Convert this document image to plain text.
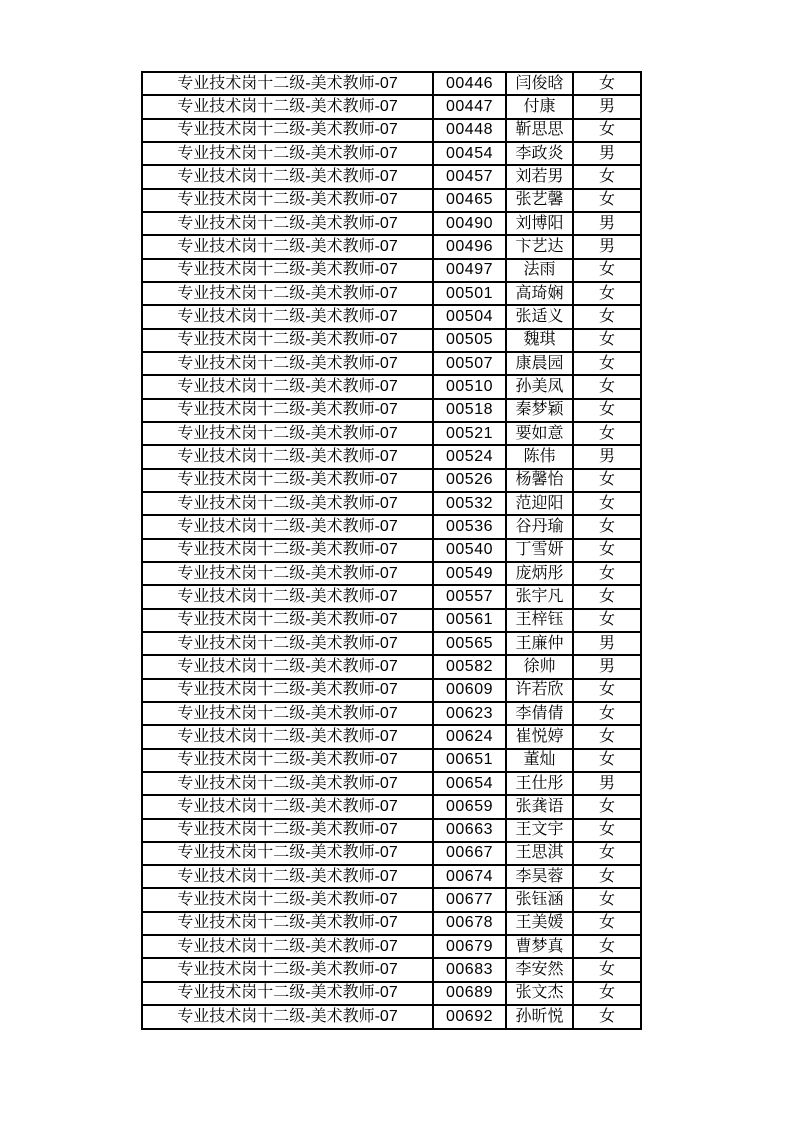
专业技术岗十二级-美术教师-07	00446	闫俊晗	女
专业技术岗十二级-美术教师-07	00447	付康	男
专业技术岗十二级-美术教师-07	00448	靳思思	女
专业技术岗十二级-美术教师-07	00454	李政炎	男
专业技术岗十二级-美术教师-07	00457	刘若男	女
专业技术岗十二级-美术教师-07	00465	张艺馨	女
专业技术岗十二级-美术教师-07	00490	刘博阳	男
专业技术岗十二级-美术教师-07	00496	卞艺达	男
专业技术岗十二级-美术教师-07	00497	法雨	女
专业技术岗十二级-美术教师-07	00501	高琦娴	女
专业技术岗十二级-美术教师-07	00504	张适义	女
专业技术岗十二级-美术教师-07	00505	魏琪	女
专业技术岗十二级-美术教师-07	00507	康晨园	女
专业技术岗十二级-美术教师-07	00510	孙美凤	女
专业技术岗十二级-美术教师-07	00518	秦梦颖	女
专业技术岗十二级-美术教师-07	00521	要如意	女
专业技术岗十二级-美术教师-07	00524	陈伟	男
专业技术岗十二级-美术教师-07	00526	杨馨怡	女
专业技术岗十二级-美术教师-07	00532	范迎阳	女
专业技术岗十二级-美术教师-07	00536	谷丹瑜	女
专业技术岗十二级-美术教师-07	00540	丁雪妍	女
专业技术岗十二级-美术教师-07	00549	庞炳彤	女
专业技术岗十二级-美术教师-07	00557	张宇凡	女
专业技术岗十二级-美术教师-07	00561	王梓钰	女
专业技术岗十二级-美术教师-07	00565	王廉仲	男
专业技术岗十二级-美术教师-07	00582	徐帅	男
专业技术岗十二级-美术教师-07	00609	许若欣	女
专业技术岗十二级-美术教师-07	00623	李倩倩	女
专业技术岗十二级-美术教师-07	00624	崔悦婷	女
专业技术岗十二级-美术教师-07	00651	董灿	女
专业技术岗十二级-美术教师-07	00654	王仕彤	男
专业技术岗十二级-美术教师-07	00659	张龚语	女
专业技术岗十二级-美术教师-07	00663	王文宇	女
专业技术岗十二级-美术教师-07	00667	王思淇	女
专业技术岗十二级-美术教师-07	00674	李昊蓉	女
专业技术岗十二级-美术教师-07	00677	张钰涵	女
专业技术岗十二级-美术教师-07	00678	王美媛	女
专业技术岗十二级-美术教师-07	00679	曹梦真	女
专业技术岗十二级-美术教师-07	00683	李安然	女
专业技术岗十二级-美术教师-07	00689	张文杰	女
专业技术岗十二级-美术教师-07	00692	孙昕悦	女
